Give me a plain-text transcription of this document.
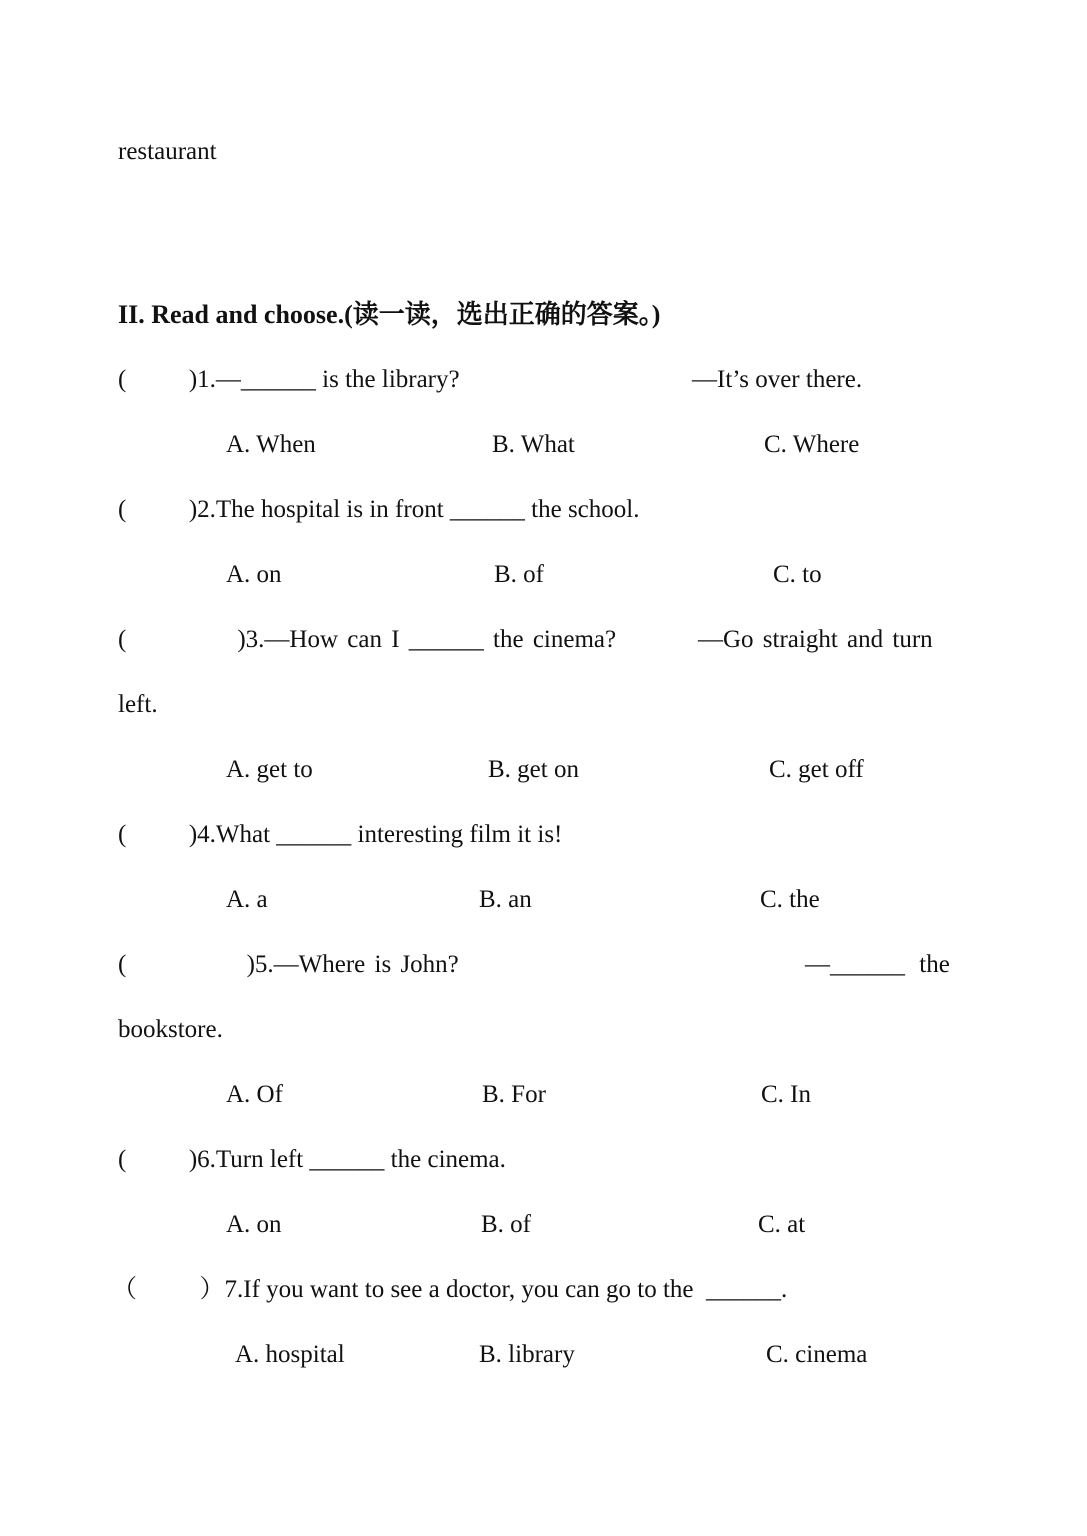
restaurant
II. Read and choose.(读一读，选出正确的答案。)
(          )1.—______ is the library?	—It’s over there.
A. When	B. What	C. Where
(          )2.The hospital is in front ______ the school.
A. on	B. of	C. to
(            )3.—How can I ______ the cinema?	—Go straight and turn
left.
A. get to	B. get on	C. get off
(          )4.What ______ interesting film it is!
A. a	B. an	C. the
(             )5.—Where is John?	—______ the
bookstore.
A. Of	B. For	C. In
(          )6.Turn left ______ the cinema.
A. on	B. of	C. at
（          ）7.If you want to see a doctor, you can go to the  ______.
A. hospital	B. library	C. cinema
